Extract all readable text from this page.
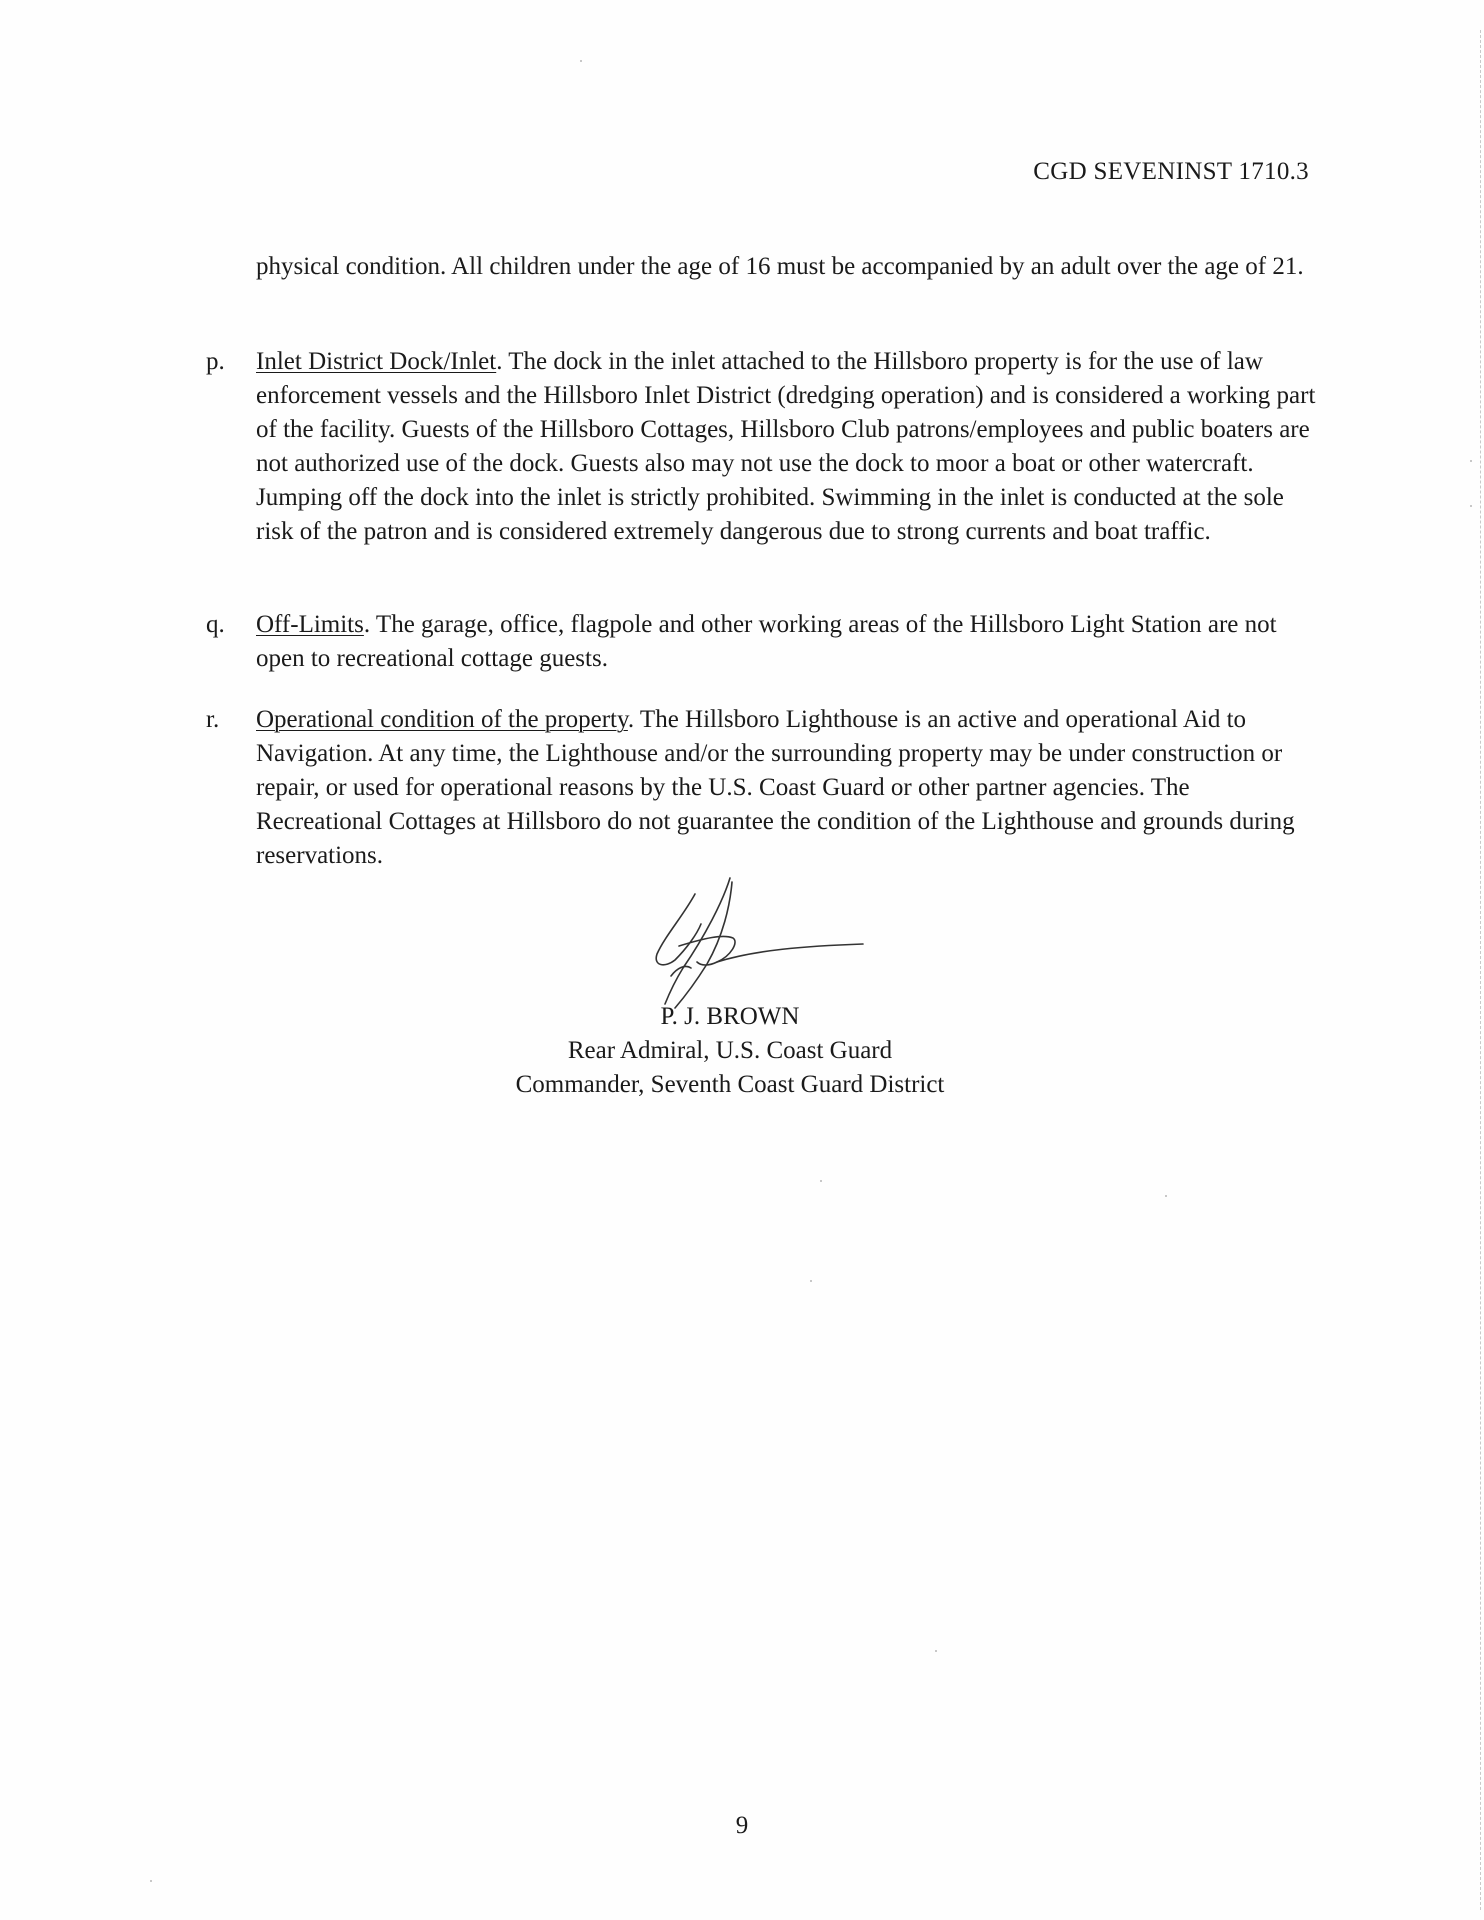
CGD SEVENINST 1710.3
physical condition. All children under the age of 16 must be accompanied by an adult over the age of 21.
p.	Inlet District Dock/Inlet. The dock in the inlet attached to the Hillsboro property is for the use of law enforcement vessels and the Hillsboro Inlet District (dredging operation) and is considered a working part of the facility. Guests of the Hillsboro Cottages, Hillsboro Club patrons/employees and public boaters are not authorized use of the dock. Guests also may not use the dock to moor a boat or other watercraft. Jumping off the dock into the inlet is strictly prohibited. Swimming in the inlet is conducted at the sole risk of the patron and is considered extremely dangerous due to strong currents and boat traffic.
q.	Off-Limits. The garage, office, flagpole and other working areas of the Hillsboro Light Station are not open to recreational cottage guests.
r.	Operational condition of the property. The Hillsboro Lighthouse is an active and operational Aid to Navigation. At any time, the Lighthouse and/or the surrounding property may be under construction or repair, or used for operational reasons by the U.S. Coast Guard or other partner agencies. The Recreational Cottages at Hillsboro do not guarantee the condition of the Lighthouse and grounds during reservations.
P. J. BROWN
Rear Admiral, U.S. Coast Guard
Commander, Seventh Coast Guard District
9
